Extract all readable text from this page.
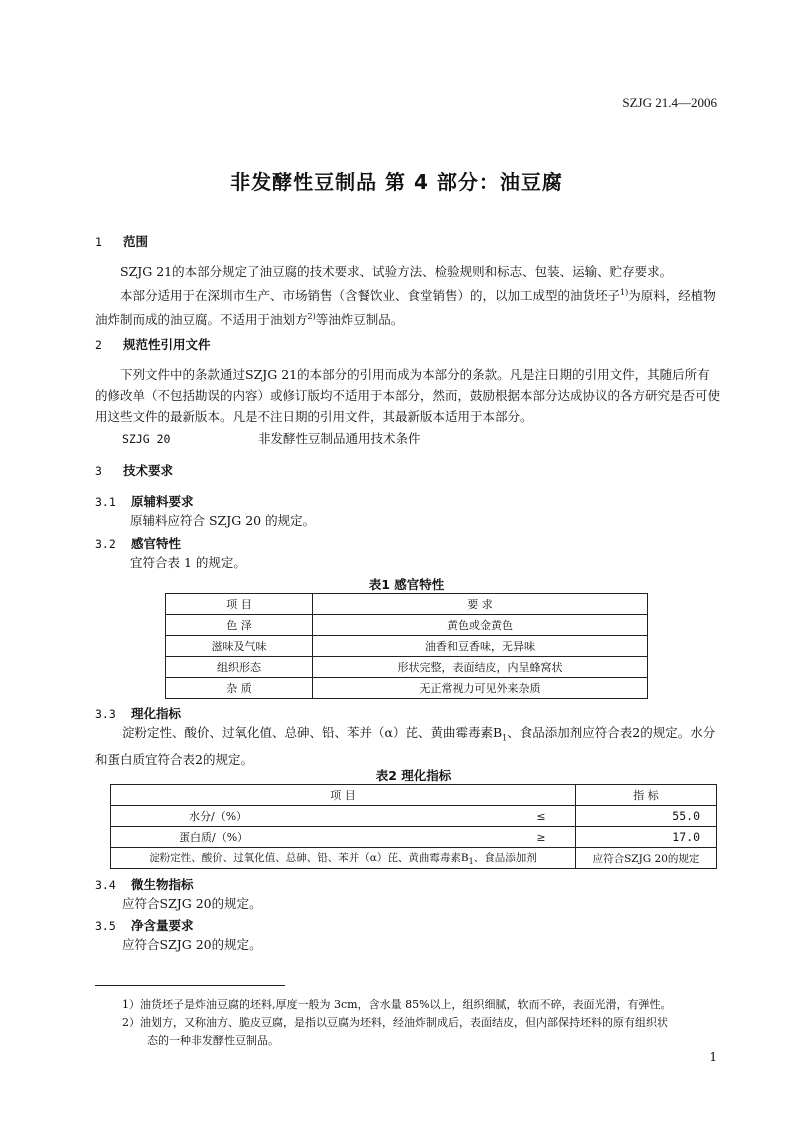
SZJG 21.4—2006
非发酵性豆制品 第 4 部分：油豆腐
1 范围
SZJG 21的本部分规定了油豆腐的技术要求、试验方法、检验规则和标志、包装、运输、贮存要求。
本部分适用于在深圳市生产、市场销售（含餐饮业、食堂销售）的，以加工成型的油货坯子$^{1)}$为原料，经植物油炸制而成的油豆腐。不适用于油划方$^{2)}$等油炸豆制品。
2 规范性引用文件
下列文件中的条款通过SZJG 21的本部分的引用而成为本部分的条款。凡是注日期的引用文件，其随后所有的修改单（不包括勘误的内容）或修订版均不适用于本部分，然而，鼓励根据本部分达成协议的各方研究是否可使用这些文件的最新版本。凡是不注日期的引用文件，其最新版本适用于本部分。
SZJG 20	非发酵性豆制品通用技术条件
3 技术要求
3.1 原辅料要求
原辅料应符合 SZJG 20 的规定。
3.2 感官特性
宜符合表 1 的规定。
表1 感官特性
项 目	要 求
色 泽	黄色或金黄色
滋味及气味	油香和豆香味，无异味
组织形态	形状完整，表面结皮，内呈蜂窝状
杂 质	无正常视力可见外来杂质
3.3 理化指标
淀粉定性、酸价、过氧化值、总砷、铅、苯并（α）芘、黄曲霉毒素$B_1$、食品添加剂应符合表2的规定。水分和蛋白质宜符合表2的规定。
表2 理化指标
项 目		指 标
水分/（%）	≤	55.0
蛋白质/（%）	≥	17.0
淀粉定性、酸价、过氧化值、总砷、铅、苯并（α）芘、黄曲霉毒素$B_1$、食品添加剂		应符合SZJG 20的规定
3.4 微生物指标
应符合SZJG 20的规定。
3.5 净含量要求
应符合SZJG 20的规定。
1）油货坯子是炸油豆腐的坯料,厚度一般为 3cm，含水量 85%以上，组织细腻，软而不碎，表面光滑，有弹性。
2）油划方，又称油方、脆皮豆腐，是指以豆腐为坯料，经油炸制成后，表面结皮，但内部保持坯料的原有组织状
态的一种非发酵性豆制品。
1
